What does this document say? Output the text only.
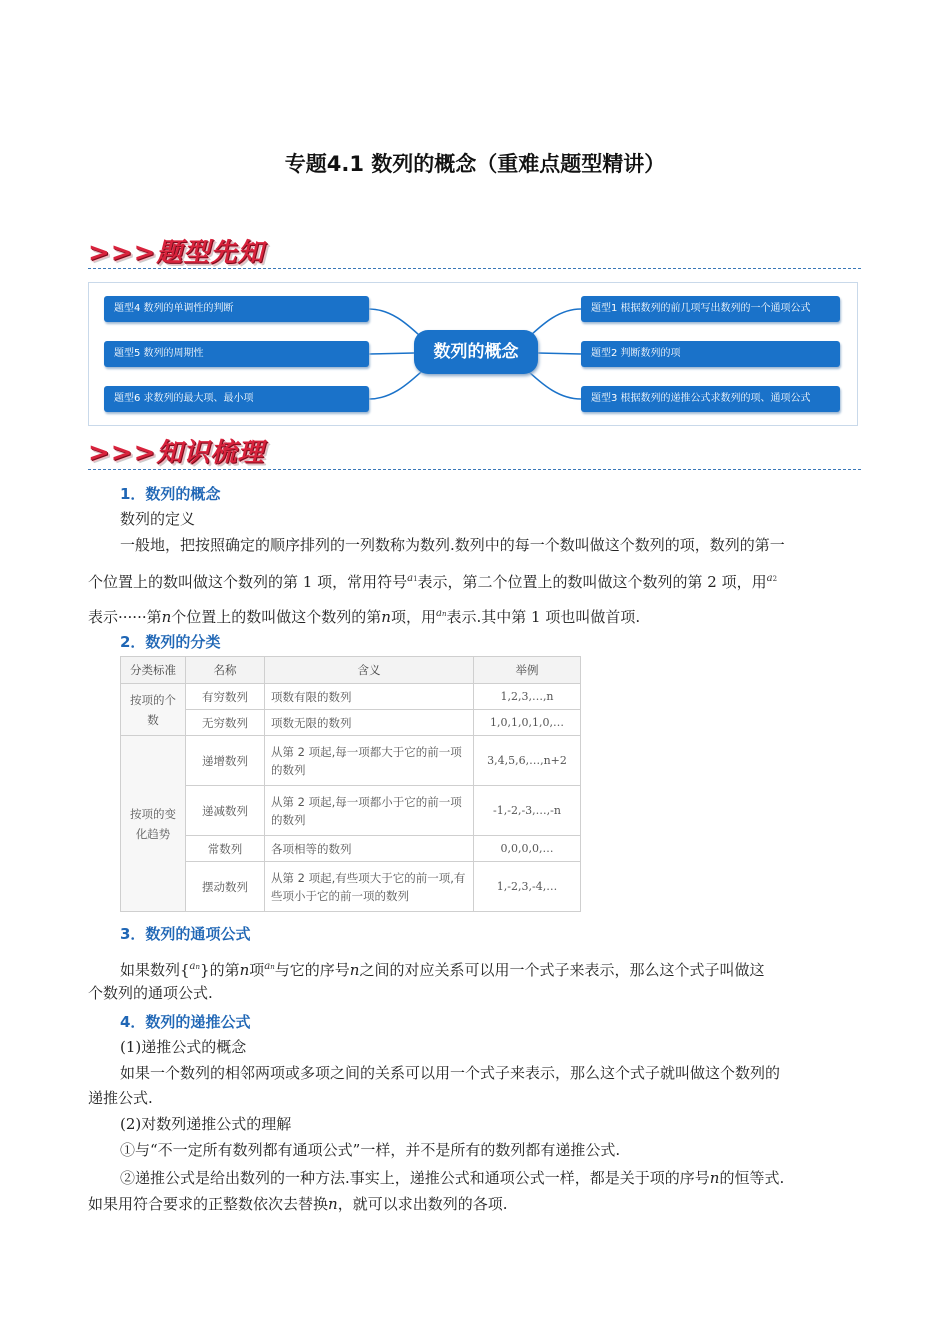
专题4.1 数列的概念（重难点题型精讲）
>>>题型先知
题型4 数列的单调性的判断
题型5 数列的周期性
题型6 求数列的最大项、最小项
数列的概念
题型1 根据数列的前几项写出数列的一个通项公式
题型2 判断数列的项
题型3 根据数列的递推公式求数列的项、通项公式
>>>知识梳理
1．数列的概念
数列的定义
一般地，把按照确定的顺序排列的一列数称为数列.数列中的每一个数叫做这个数列的项，数列的第一
个位置上的数叫做这个数列的第 1 项，常用符号$^{a1}$表示，第二个位置上的数叫做这个数列的第 2 项，用$^{a2}$
表示······第n个位置上的数叫做这个数列的第n项，用$^{an}$表示.其中第 1 项也叫做首项.
2．数列的分类
分类标准	名称	含义	举例

按项的个数	有穷数列	项数有限的数列	1,2,3,…,n
	无穷数列	项数无限的数列	1,0,1,0,1,0,…

按项的变化趋势	递增数列	从第 2 项起,每一项都大于它的前一项的数列	3,4,5,6,…,n+2
	递减数列	从第 2 项起,每一项都小于它的前一项的数列	-1,-2,-3,…,-n
	常数列	各项相等的数列	0,0,0,0,…
	摆动数列	从第 2 项起,有些项大于它的前一项,有些项小于它的前一项的数列	1,-2,3,-4,…
3．数列的通项公式
如果数列{$^{an}$}的第n项$^{an}$与它的序号n之间的对应关系可以用一个式子来表示，那么这个式子叫做这
个数列的通项公式.
4．数列的递推公式
(1)递推公式的概念
如果一个数列的相邻两项或多项之间的关系可以用一个式子来表示，那么这个式子就叫做这个数列的
递推公式.
(2)对数列递推公式的理解
①与“不一定所有数列都有通项公式”一样，并不是所有的数列都有递推公式.
②递推公式是给出数列的一种方法.事实上，递推公式和通项公式一样，都是关于项的序号n的恒等式.
如果用符合要求的正整数依次去替换n，就可以求出数列的各项.
